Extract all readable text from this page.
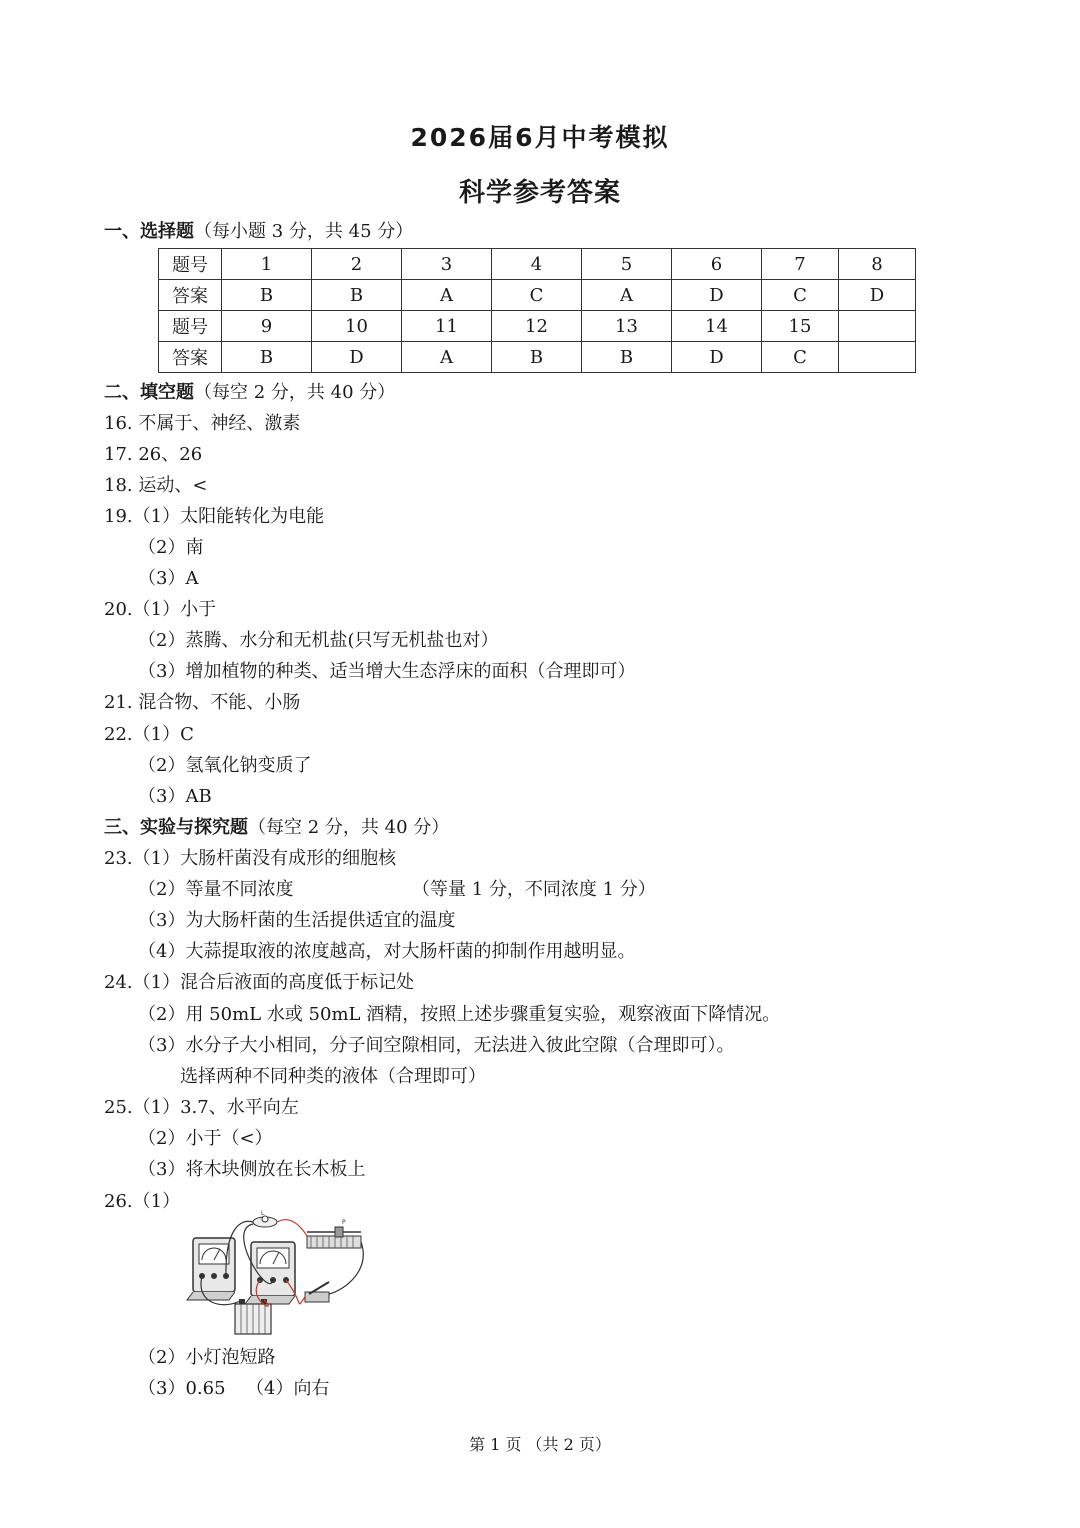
2026届6月中考模拟
科学参考答案
一、选择题（每小题 3 分，共 45 分）
题号	1	2	3	4	5	6	7	8
答案	B	B	A	C	A	D	C	D
题号	9	10	11	12	13	14	15	
答案	B	D	A	B	B	D	C	
二、填空题（每空 2 分，共 40 分）
16. 不属于、神经、激素
17. 26、26
18. 运动、<
19.（1）太阳能转化为电能
（2）南
（3）A
20.（1）小于
（2）蒸腾、水分和无机盐(只写无机盐也对）
（3）增加植物的种类、适当增大生态浮床的面积（合理即可）
21. 混合物、不能、小肠
22.（1）C
（2）氢氧化钠变质了
（3）AB
三、实验与探究题（每空 2 分，共 40 分）
23.（1）大肠杆菌没有成形的细胞核
（2）等量不同浓度	（等量 1 分，不同浓度 1 分）
（3）为大肠杆菌的生活提供适宜的温度
（4）大蒜提取液的浓度越高，对大肠杆菌的抑制作用越明显。
24.（1）混合后液面的高度低于标记处
（2）用 50mL 水或 50mL 酒精，按照上述步骤重复实验，观察液面下降情况。
（3）水分子大小相同，分子间空隙相同，无法进入彼此空隙（合理即可）。
选择两种不同种类的液体（合理即可）
25.（1）3.7、水平向左
（2）小于（<）
（3）将木块侧放在长木板上
26.（1）
L
P
（2）小灯泡短路
（3）0.65 （4）向右
第 1 页 （共 2 页）
